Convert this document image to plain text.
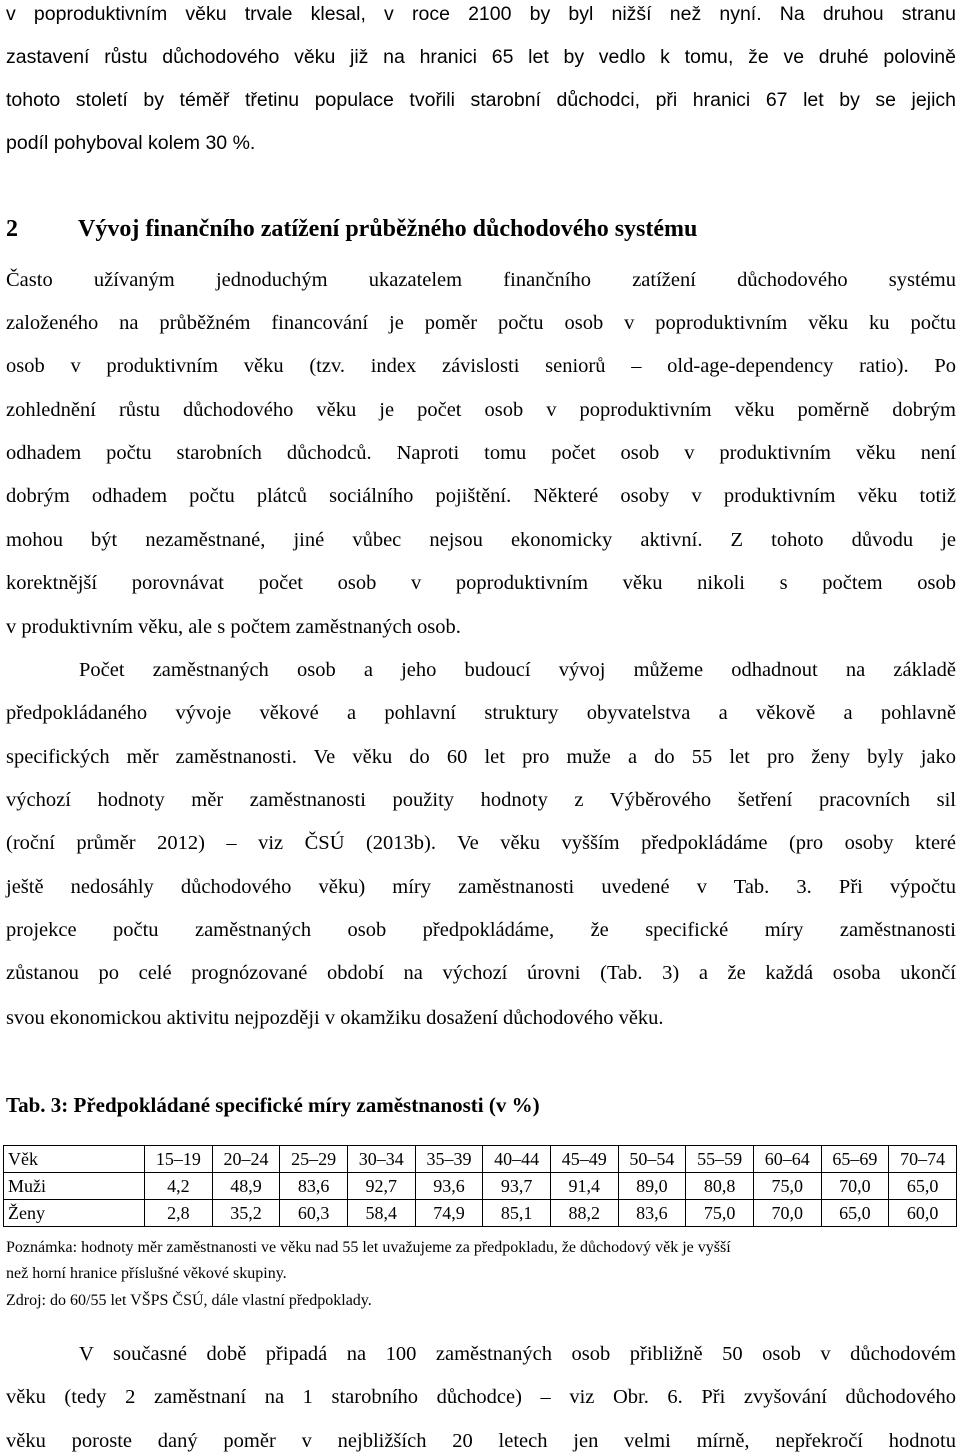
v poproduktivním věku trvale klesal, v roce 2100 by byl nižší než nyní. Na druhou stranu
zastavení růstu důchodového věku již na hranici 65 let by vedlo k tomu, že ve druhé polovině
tohoto století by téměř třetinu populace tvořili starobní důchodci, při hranici 67 let by se jejich
podíl pohyboval kolem 30 %.
2	Vývoj finančního zatížení průběžného důchodového systému
Často užívaným jednoduchým ukazatelem finančního zatížení důchodového systému
založeného na průběžném financování je poměr počtu osob v poproduktivním věku ku počtu
osob v produktivním věku (tzv. index závislosti seniorů – old-age-dependency ratio). Po
zohlednění růstu důchodového věku je počet osob v poproduktivním věku poměrně dobrým
odhadem počtu starobních důchodců. Naproti tomu počet osob v produktivním věku není
dobrým odhadem počtu plátců sociálního pojištění. Některé osoby v produktivním věku totiž
mohou být nezaměstnané, jiné vůbec nejsou ekonomicky aktivní. Z tohoto důvodu je
korektnější porovnávat počet osob v poproduktivním věku nikoli s počtem osob
v produktivním věku, ale s počtem zaměstnaných osob.
Počet zaměstnaných osob a jeho budoucí vývoj můžeme odhadnout na základě
předpokládaného vývoje věkové a pohlavní struktury obyvatelstva a věkově a pohlavně
specifických měr zaměstnanosti. Ve věku do 60 let pro muže a do 55 let pro ženy byly jako
výchozí hodnoty měr zaměstnanosti použity hodnoty z Výběrového šetření pracovních sil
(roční průměr 2012) – viz ČSÚ (2013b). Ve věku vyšším předpokládáme (pro osoby které
ještě nedosáhly důchodového věku) míry zaměstnanosti uvedené v Tab. 3. Při výpočtu
projekce počtu zaměstnaných osob předpokládáme, že specifické míry zaměstnanosti
zůstanou po celé prognózované období na výchozí úrovni (Tab. 3) a že každá osoba ukončí
svou ekonomickou aktivitu nejpozději v okamžiku dosažení důchodového věku.
Tab. 3: Předpokládané specifické míry zaměstnanosti (v %)
Věk	15–19	20–24	25–29	30–34	35–39	40–44	45–49	50–54	55–59	60–64	65–69	70–74
Muži	4,2	48,9	83,6	92,7	93,6	93,7	91,4	89,0	80,8	75,0	70,0	65,0
Ženy	2,8	35,2	60,3	58,4	74,9	85,1	88,2	83,6	75,0	70,0	65,0	60,0
Poznámka: hodnoty měr zaměstnanosti ve věku nad 55 let uvažujeme za předpokladu, že důchodový věk je vyšší
než horní hranice příslušné věkové skupiny.
Zdroj: do 60/55 let VŠPS ČSÚ, dále vlastní předpoklady.
V současné době připadá na 100 zaměstnaných osob přibližně 50 osob v důchodovém
věku (tedy 2 zaměstnaní na 1 starobního důchodce) – viz Obr. 6. Při zvyšování důchodového
věku poroste daný poměr v nejbližších 20 letech jen velmi mírně, nepřekročí hodnotu
